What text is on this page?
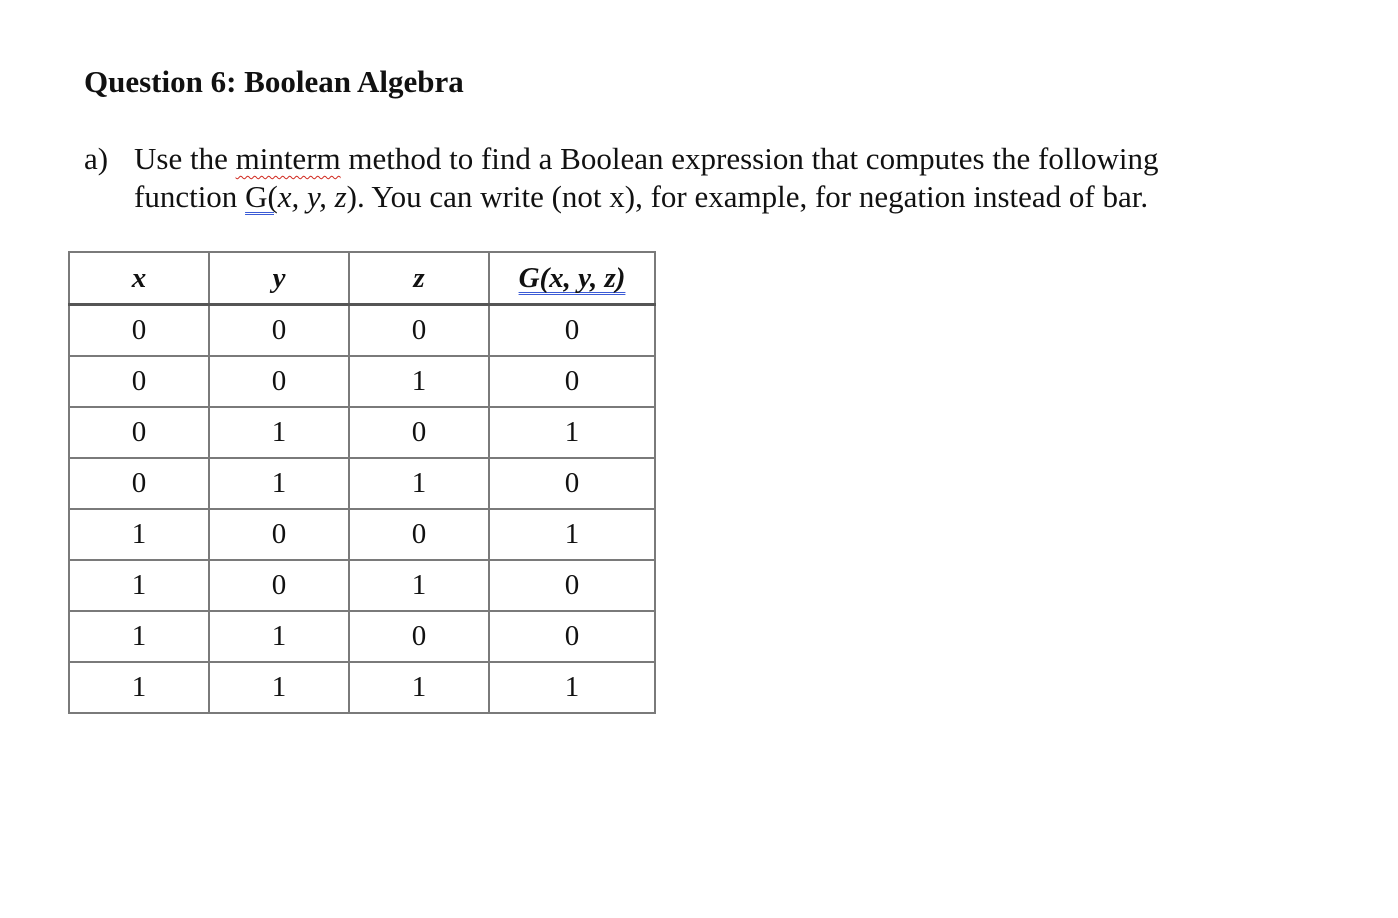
Question 6: Boolean Algebra
a) Use the minterm method to find a Boolean expression that computes the following
function G(x, y, z). You can write (not x), for example, for negation instead of bar.
x	y	z	G(x, y, z)
0	0	0	0
0	0	1	0
0	1	0	1
0	1	1	0
1	0	0	1
1	0	1	0
1	1	0	0
1	1	1	1
